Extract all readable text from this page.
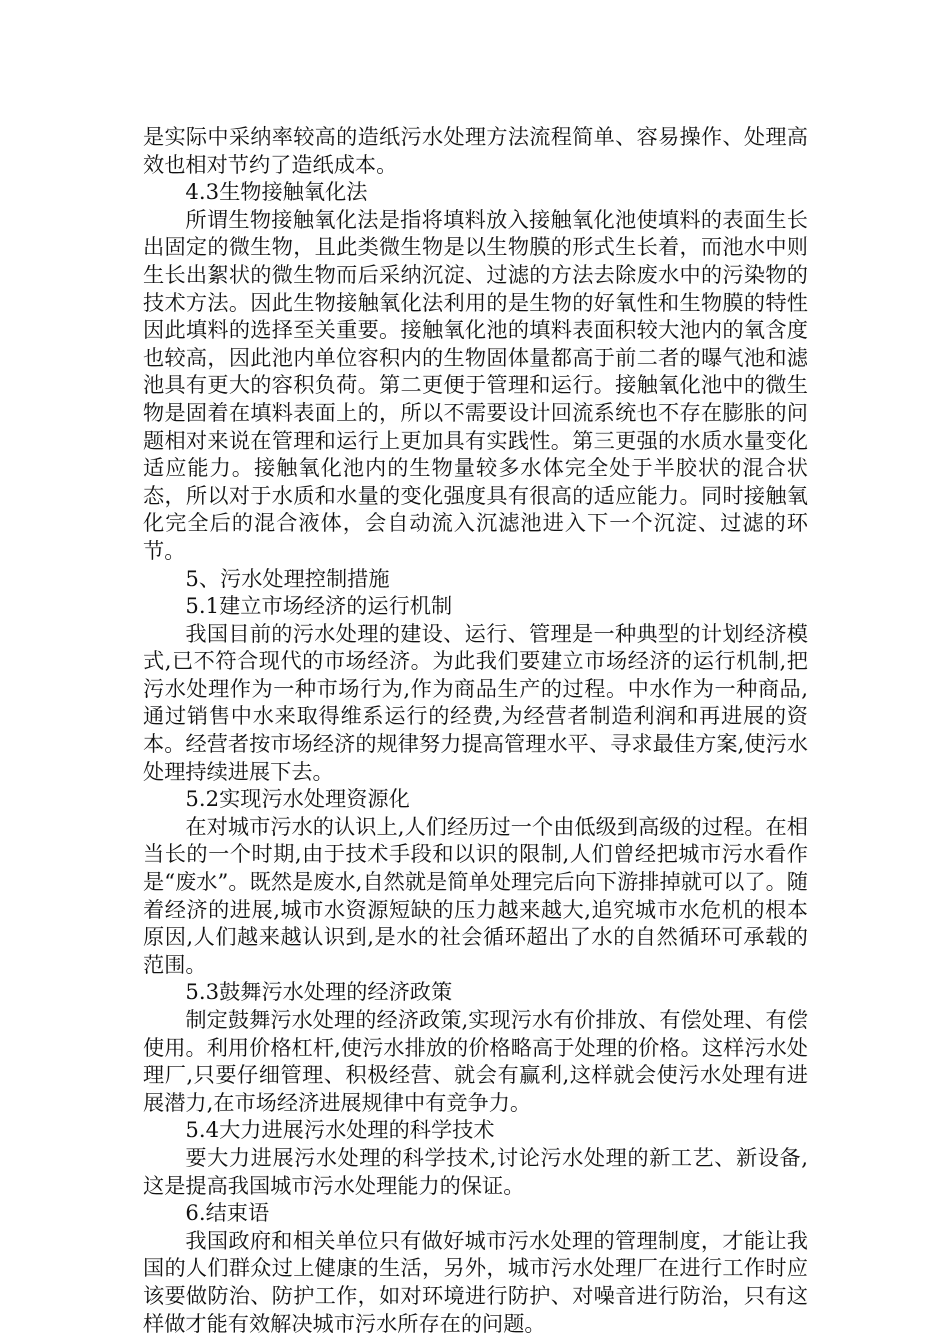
是实际中采纳率较高的造纸污水处理方法流程简单、容易操作、处理高效也相对节约了造纸成本。

4.3生物接触氧化法

所谓生物接触氧化法是指将填料放入接触氧化池使填料的表面生长出固定的微生物，且此类微生物是以生物膜的形式生长着，而池水中则生长出絮状的微生物而后采纳沉淀、过滤的方法去除废水中的污染物的技术方法。因此生物接触氧化法利用的是生物的好氧性和生物膜的特性因此填料的选择至关重要。接触氧化池的填料表面积较大池内的氧含度也较高，因此池内单位容积内的生物固体量都高于前二者的曝气池和滤池具有更大的容积负荷。第二更便于管理和运行。接触氧化池中的微生物是固着在填料表面上的，所以不需要设计回流系统也不存在膨胀的问题相对来说在管理和运行上更加具有实践性。第三更强的水质水量变化适应能力。接触氧化池内的生物量较多水体完全处于半胶状的混合状态，所以对于水质和水量的变化强度具有很高的适应能力。同时接触氧化完全后的混合液体，会自动流入沉滤池进入下一个沉淀、过滤的环节。

5、污水处理控制措施

5.1建立市场经济的运行机制

我国目前的污水处理的建设、运行、管理是一种典型的计划经济模式,已不符合现代的市场经济。为此我们要建立市场经济的运行机制,把污水处理作为一种市场行为,作为商品生产的过程。中水作为一种商品,通过销售中水来取得维系运行的经费,为经营者制造利润和再进展的资本。经营者按市场经济的规律努力提高管理水平、寻求最佳方案,使污水处理持续进展下去。

5.2实现污水处理资源化

在对城市污水的认识上,人们经历过一个由低级到高级的过程。在相当长的一个时期,由于技术手段和以识的限制,人们曾经把城市污水看作是“废水”。既然是废水,自然就是简单处理完后向下游排掉就可以了。随着经济的进展,城市水资源短缺的压力越来越大,追究城市水危机的根本原因,人们越来越认识到,是水的社会循环超出了水的自然循环可承载的范围。

5.3鼓舞污水处理的经济政策

制定鼓舞污水处理的经济政策,实现污水有价排放、有偿处理、有偿使用。利用价格杠杆,使污水排放的价格略高于处理的价格。这样污水处理厂,只要仔细管理、积极经营、就会有赢利,这样就会使污水处理有进展潜力,在市场经济进展规律中有竞争力。

5.4大力进展污水处理的科学技术

要大力进展污水处理的科学技术,讨论污水处理的新工艺、新设备,这是提高我国城市污水处理能力的保证。

6.结束语

我国政府和相关单位只有做好城市污水处理的管理制度，才能让我国的人们群众过上健康的生活，另外，城市污水处理厂在进行工作时应该要做防治、防护工作，如对环境进行防护、对噪音进行防治，只有这样做才能有效解决城市污水所存在的问题。
